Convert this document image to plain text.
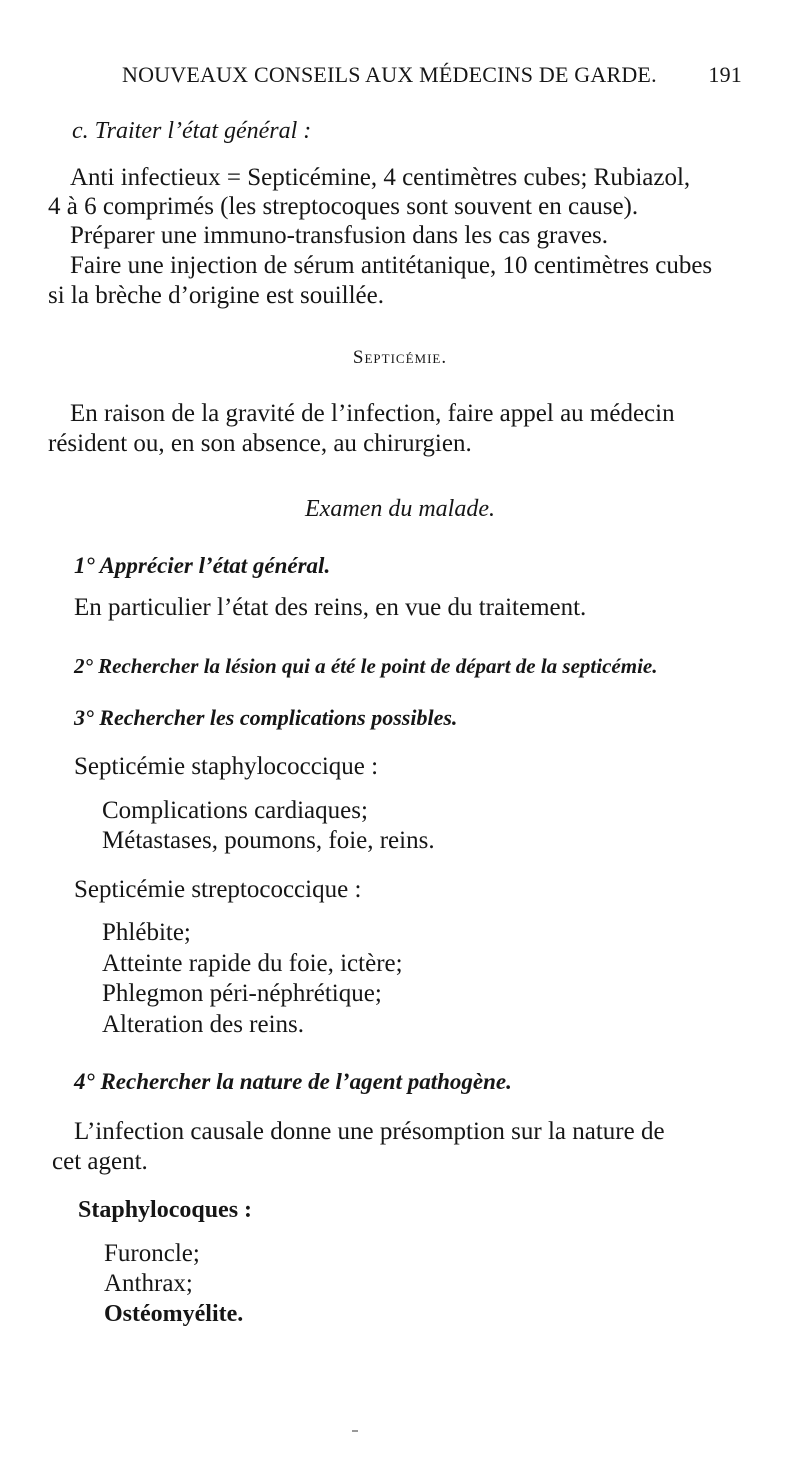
NOUVEAUX CONSEILS AUX MÉDECINS DE GARDE. 191
c. Traiter l’état général :
Anti infectieux = Septicémine, 4 centimètres cubes; Rubiazol,
4 à 6 comprimés (les streptocoques sont souvent en cause).
Préparer une immuno-transfusion dans les cas graves.
Faire une injection de sérum antitétanique, 10 centimètres cubes
si la brèche d’origine est souillée.
Septicémie.
En raison de la gravité de l’infection, faire appel au médecin
résident ou, en son absence, au chirurgien.
Examen du malade.
1° Apprécier l’état général.
En particulier l’état des reins, en vue du traitement.
2° Rechercher la lésion qui a été le point de départ de la septicémie.
3° Rechercher les complications possibles.
Septicémie staphylococcique :
Complications cardiaques;
Métastases, poumons, foie, reins.
Septicémie streptococcique :
Phlébite;
Atteinte rapide du foie, ictère;
Phlegmon péri-néphrétique;
Alteration des reins.
4° Rechercher la nature de l’agent pathogène.
L’infection causale donne une présomption sur la nature de
cet agent.
Staphylocoques :
Furoncle;
Anthrax;
Ostéomyélite.
